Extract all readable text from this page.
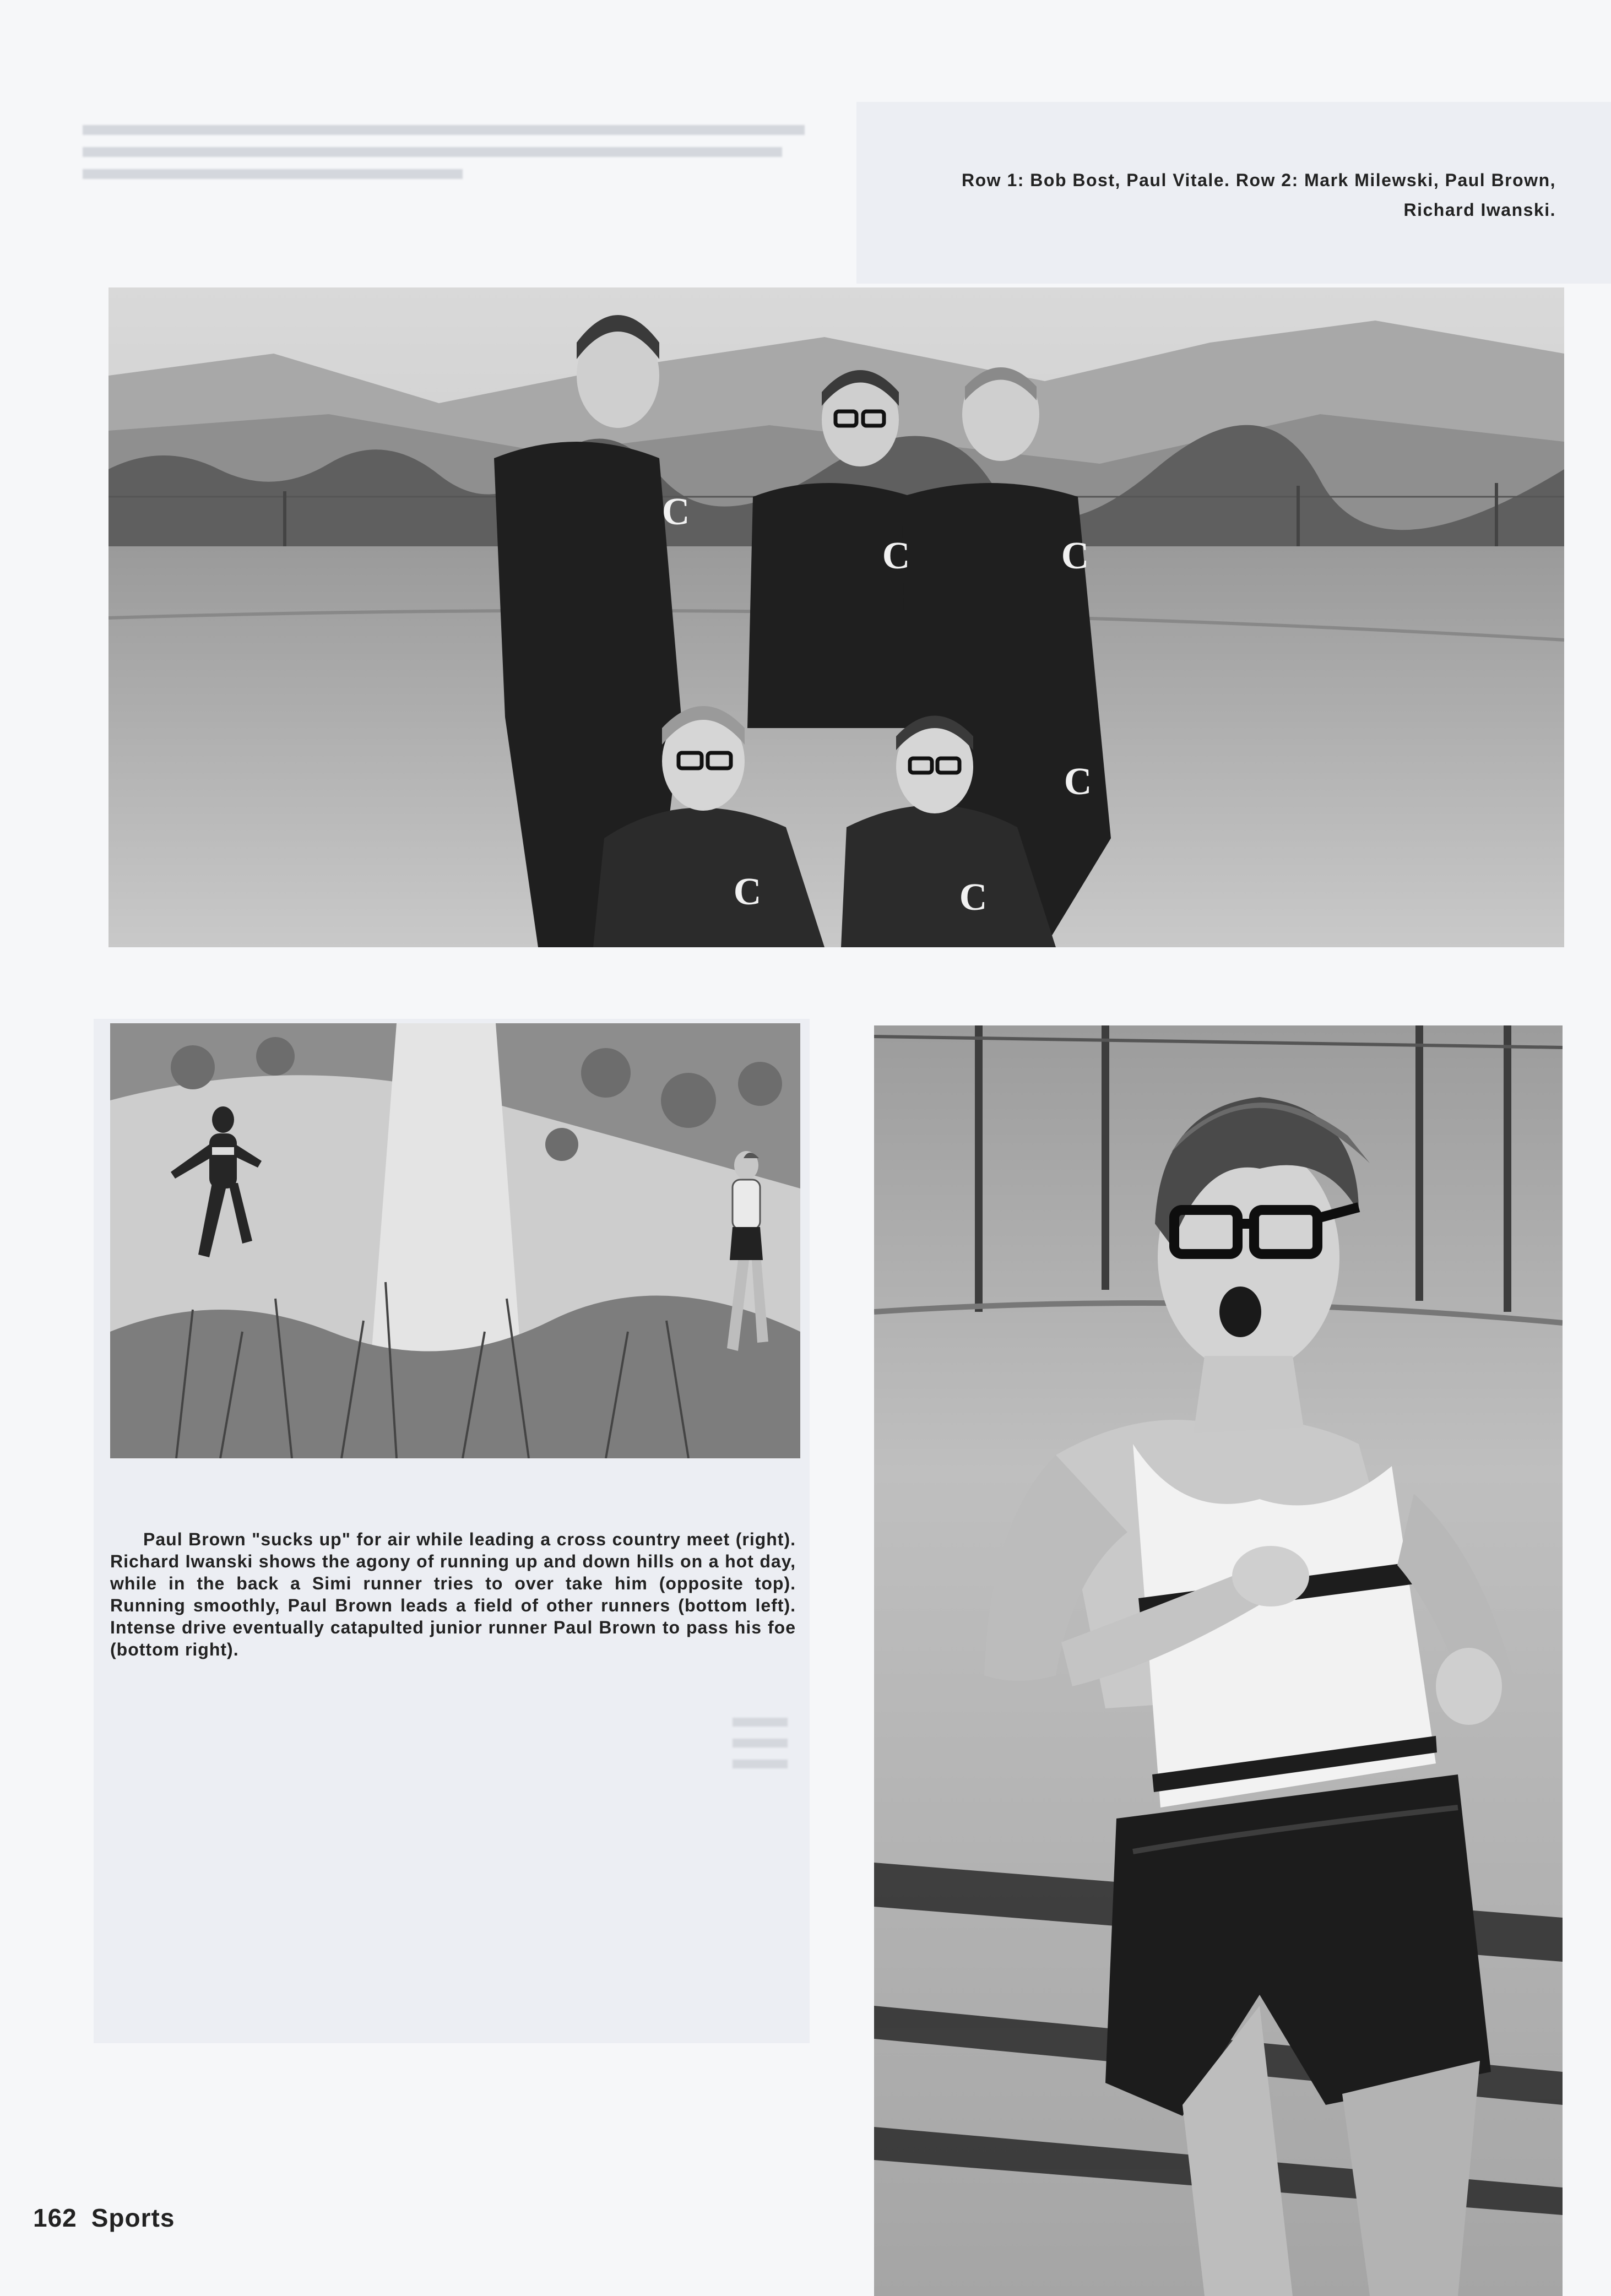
Row 1: Bob Bost, Paul Vitale. Row 2: Mark Milewski, Paul Brown, Richard Iwanski.
C
C	C
C
C	C
Paul Brown "sucks up" for air while leading a cross country meet (right). Richard Iwanski shows the agony of running up and down hills on a hot day, while in the back a Simi runner tries to over take him (opposite top). Running smoothly, Paul Brown leads a field of other runners (bottom left). Intense drive eventually catapulted junior runner Paul Brown to pass his foe (bottom right).
162 Sports
